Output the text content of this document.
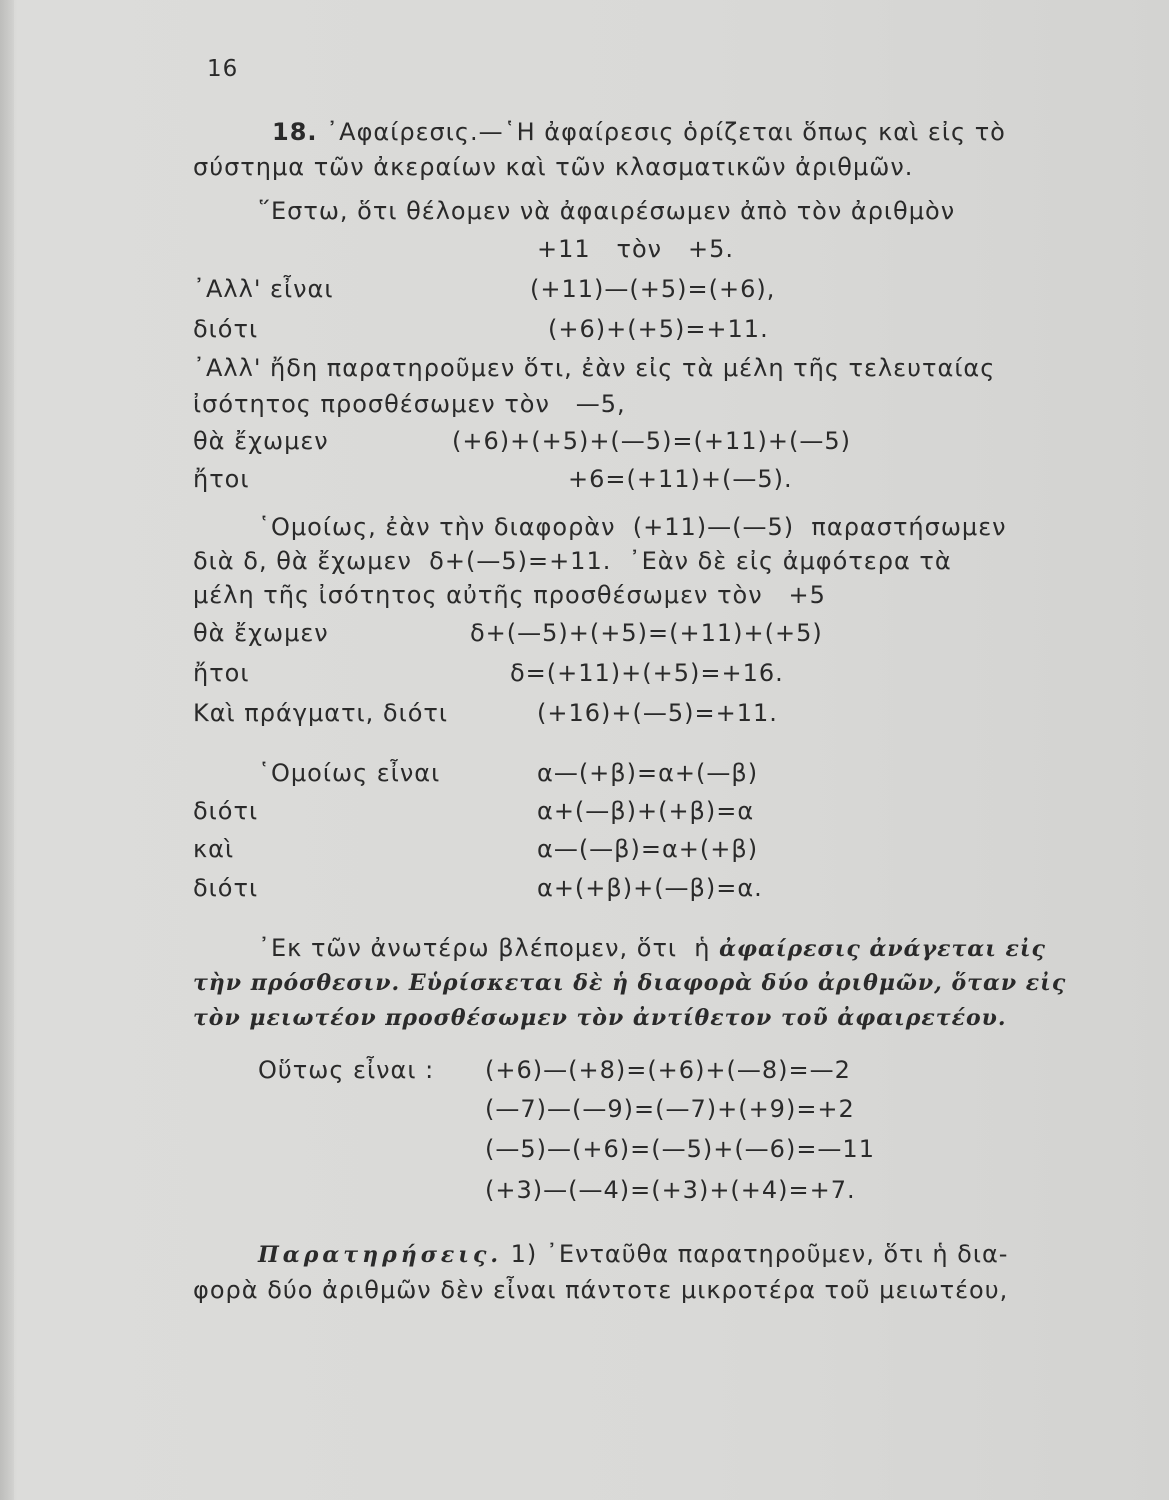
16
18. ᾿Αφαίρεσις.—῾Η ἀφαίρεσις ὁρίζεται ὅπως καὶ εἰς τὸ
σύστημα τῶν ἀκεραίων καὶ τῶν κλασματικῶν ἀριθμῶν.
῞Εστω, ὅτι θέλομεν νὰ ἀφαιρέσωμεν ἀπὸ τὸν ἀριθμὸν
+11   τὸν   +5.
᾿Αλλ' εἶναι	(+11)—(+5)=(+6),
διότι	(+6)+(+5)=+11.
᾿Αλλ' ἤδη παρατηροῦμεν ὅτι, ἐὰν εἰς τὰ μέλη τῆς τελευταίας
ἰσότητος προσθέσωμεν τὸν   —5,
θὰ ἔχωμεν	(+6)+(+5)+(—5)=(+11)+(—5)
ἤτοι	+6=(+11)+(—5).
῾Ομοίως, ἐὰν τὴν διαφορὰν  (+11)—(—5)  παραστήσωμεν
διὰ δ, θὰ ἔχωμεν  δ+(—5)=+11.  ᾿Εὰν δὲ εἰς ἀμφότερα τὰ
μέλη τῆς ἰσότητος αὐτῆς προσθέσωμεν τὸν   +5
θὰ ἔχωμεν	δ+(—5)+(+5)=(+11)+(+5)
ἤτοι	δ=(+11)+(+5)=+16.
Καὶ πράγματι, διότι	(+16)+(—5)=+11.
῾Ομοίως εἶναι	α—(+β)=α+(—β)
διότι	α+(—β)+(+β)=α
καὶ	α—(—β)=α+(+β)
διότι	α+(+β)+(—β)=α.
᾿Εκ τῶν ἀνωτέρω βλέπομεν, ὅτι  ἡ ἀφαίρεσις ἀνάγεται εἰς
τὴν πρόσθεσιν. Εὑρίσκεται δὲ ἡ διαφορὰ δύο ἀριθμῶν, ὅταν εἰς
τὸν μειωτέον προσθέσωμεν τὸν ἀντίθετον τοῦ ἀφαιρετέου.
Οὕτως εἶναι : (+6)—(+8)=(+6)+(—8)=—2
(—7)—(—9)=(—7)+(+9)=+2
(—5)—(+6)=(—5)+(—6)=—11
(+3)—(—4)=(+3)+(+4)=+7.
Παρατηρήσεις. 1) ᾿Ενταῦθα παρατηροῦμεν, ὅτι ἡ δια-
φορὰ δύο ἀριθμῶν δὲν εἶναι πάντοτε μικροτέρα τοῦ μειωτέου,
